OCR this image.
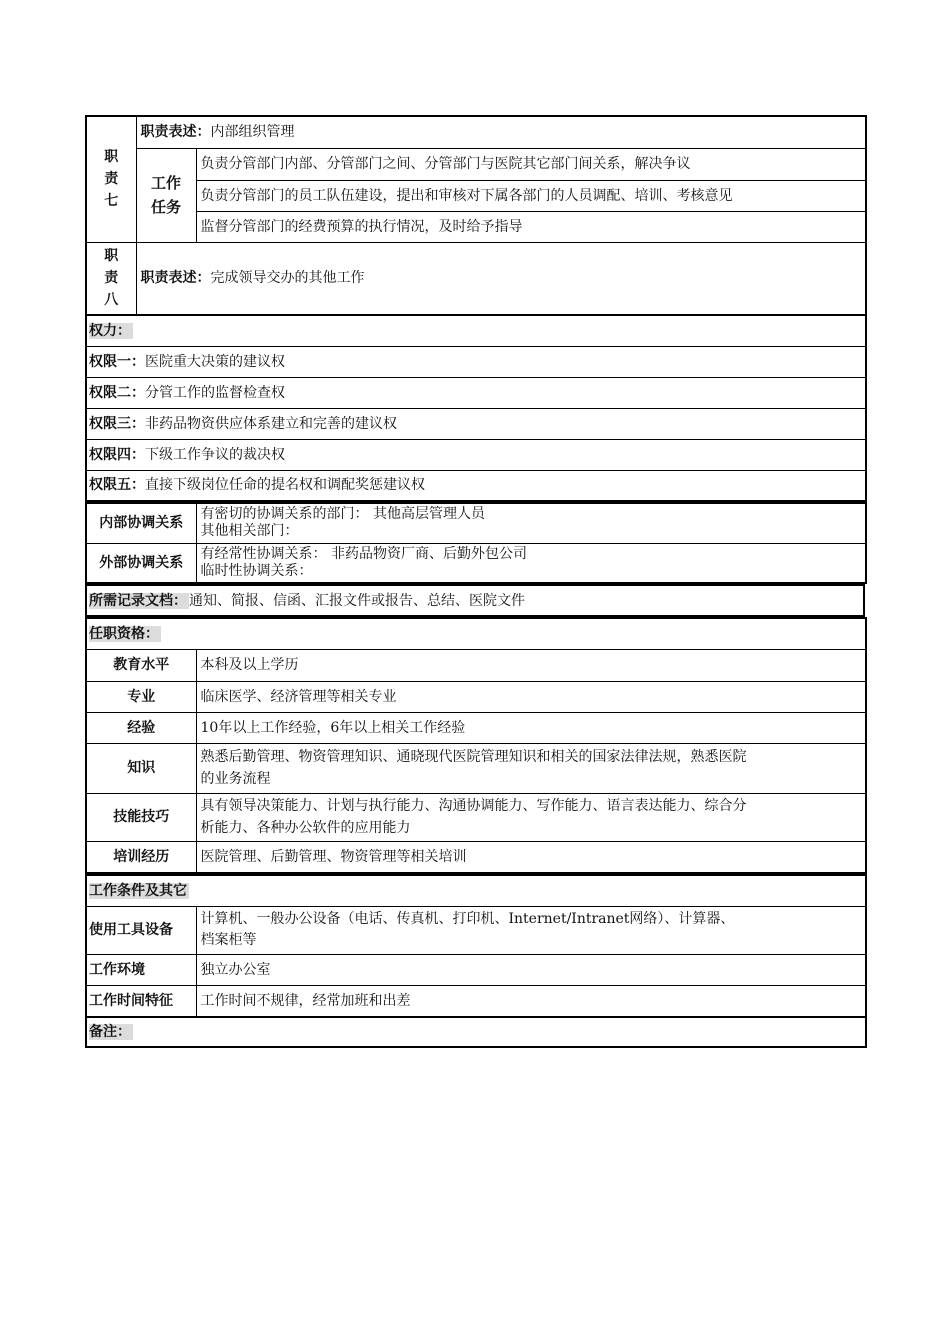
职
责
七	职责表述：内部组织管理	
	工作任务	负责分管部门内部、分管部门之间、分管部门与医院其它部门间关系，解决争议
		负责分管部门的员工队伍建设，提出和审核对下属各部门的人员调配、培训、考核意见
		监督分管部门的经费预算的执行情况，及时给予指导

职
责
八	职责表述：完成领导交办的其他工作	
权力：		
权限一：医院重大决策的建议权		
权限二：分管工作的监督检查权		
权限三：非药品物资供应体系建立和完善的建议权		
权限四：下级工作争议的裁决权		
权限五：直接下级岗位任命的提名权和调配奖惩建议权		
内部协调关系	有密切的协调关系的部门： 其他高层管理人员
其他相关部门：

外部协调关系	有经常性协调关系： 非药品物资厂商、后勤外包公司
临时性协调关系：
所需记录文档： 通知、简报、信函、汇报文件或报告、总结、医院文件
任职资格：	
教育水平	本科及以上学历
专业	临床医学、经济管理等相关专业
经验	10年以上工作经验，6年以上相关工作经验
知识	熟悉后勤管理、物资管理知识、通晓现代医院管理知识和相关的国家法律法规，熟悉医院
的业务流程

技能技巧	具有领导决策能力、计划与执行能力、沟通协调能力、写作能力、语言表达能力、综合分
析能力、各种办公软件的应用能力

培训经历	医院管理、后勤管理、物资管理等相关培训
工作条件及其它	
使用工具设备	计算机、一般办公设备（电话、传真机、打印机、Internet/Intranet网络）、计算器、
档案柜等

工作环境	独立办公室
工作时间特征	工作时间不规律，经常加班和出差
备注：	
